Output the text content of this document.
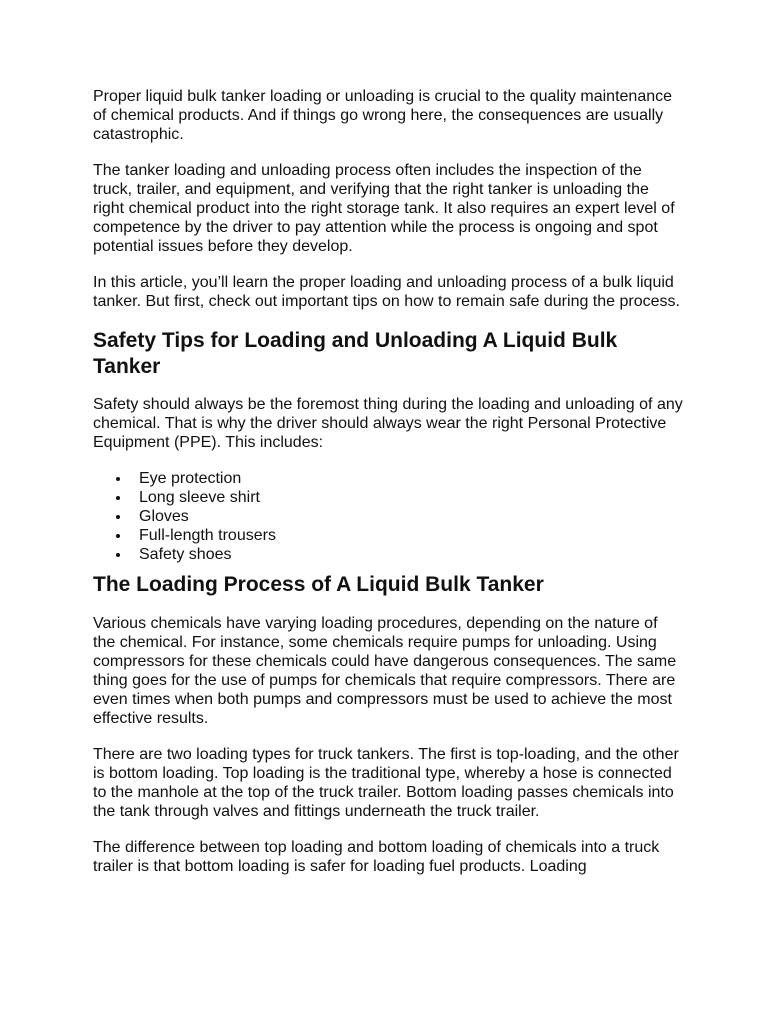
Proper liquid bulk tanker loading or unloading is crucial to the quality maintenance of chemical products. And if things go wrong here, the consequences are usually catastrophic.

The tanker loading and unloading process often includes the inspection of the truck, trailer, and equipment, and verifying that the right tanker is unloading the right chemical product into the right storage tank. It also requires an expert level of competence by the driver to pay attention while the process is ongoing and spot potential issues before they develop.

In this article, you’ll learn the proper loading and unloading process of a bulk liquid tanker. But first, check out important tips on how to remain safe during the process.

Safety Tips for Loading and Unloading A Liquid Bulk Tanker

Safety should always be the foremost thing during the loading and unloading of any chemical. That is why the driver should always wear the right Personal Protective Equipment (PPE). This includes:

Eye protection
Long sleeve shirt
Gloves
Full-length trousers
Safety shoes
The Loading Process of A Liquid Bulk Tanker

Various chemicals have varying loading procedures, depending on the nature of the chemical. For instance, some chemicals require pumps for unloading. Using compressors for these chemicals could have dangerous consequences. The same thing goes for the use of pumps for chemicals that require compressors. There are even times when both pumps and compressors must be used to achieve the most effective results.

There are two loading types for truck tankers. The first is top-loading, and the other is bottom loading. Top loading is the traditional type, whereby a hose is connected to the manhole at the top of the truck trailer. Bottom loading passes chemicals into the tank through valves and fittings underneath the truck trailer.

The difference between top loading and bottom loading of chemicals into a truck trailer is that bottom loading is safer for loading fuel products. Loading
